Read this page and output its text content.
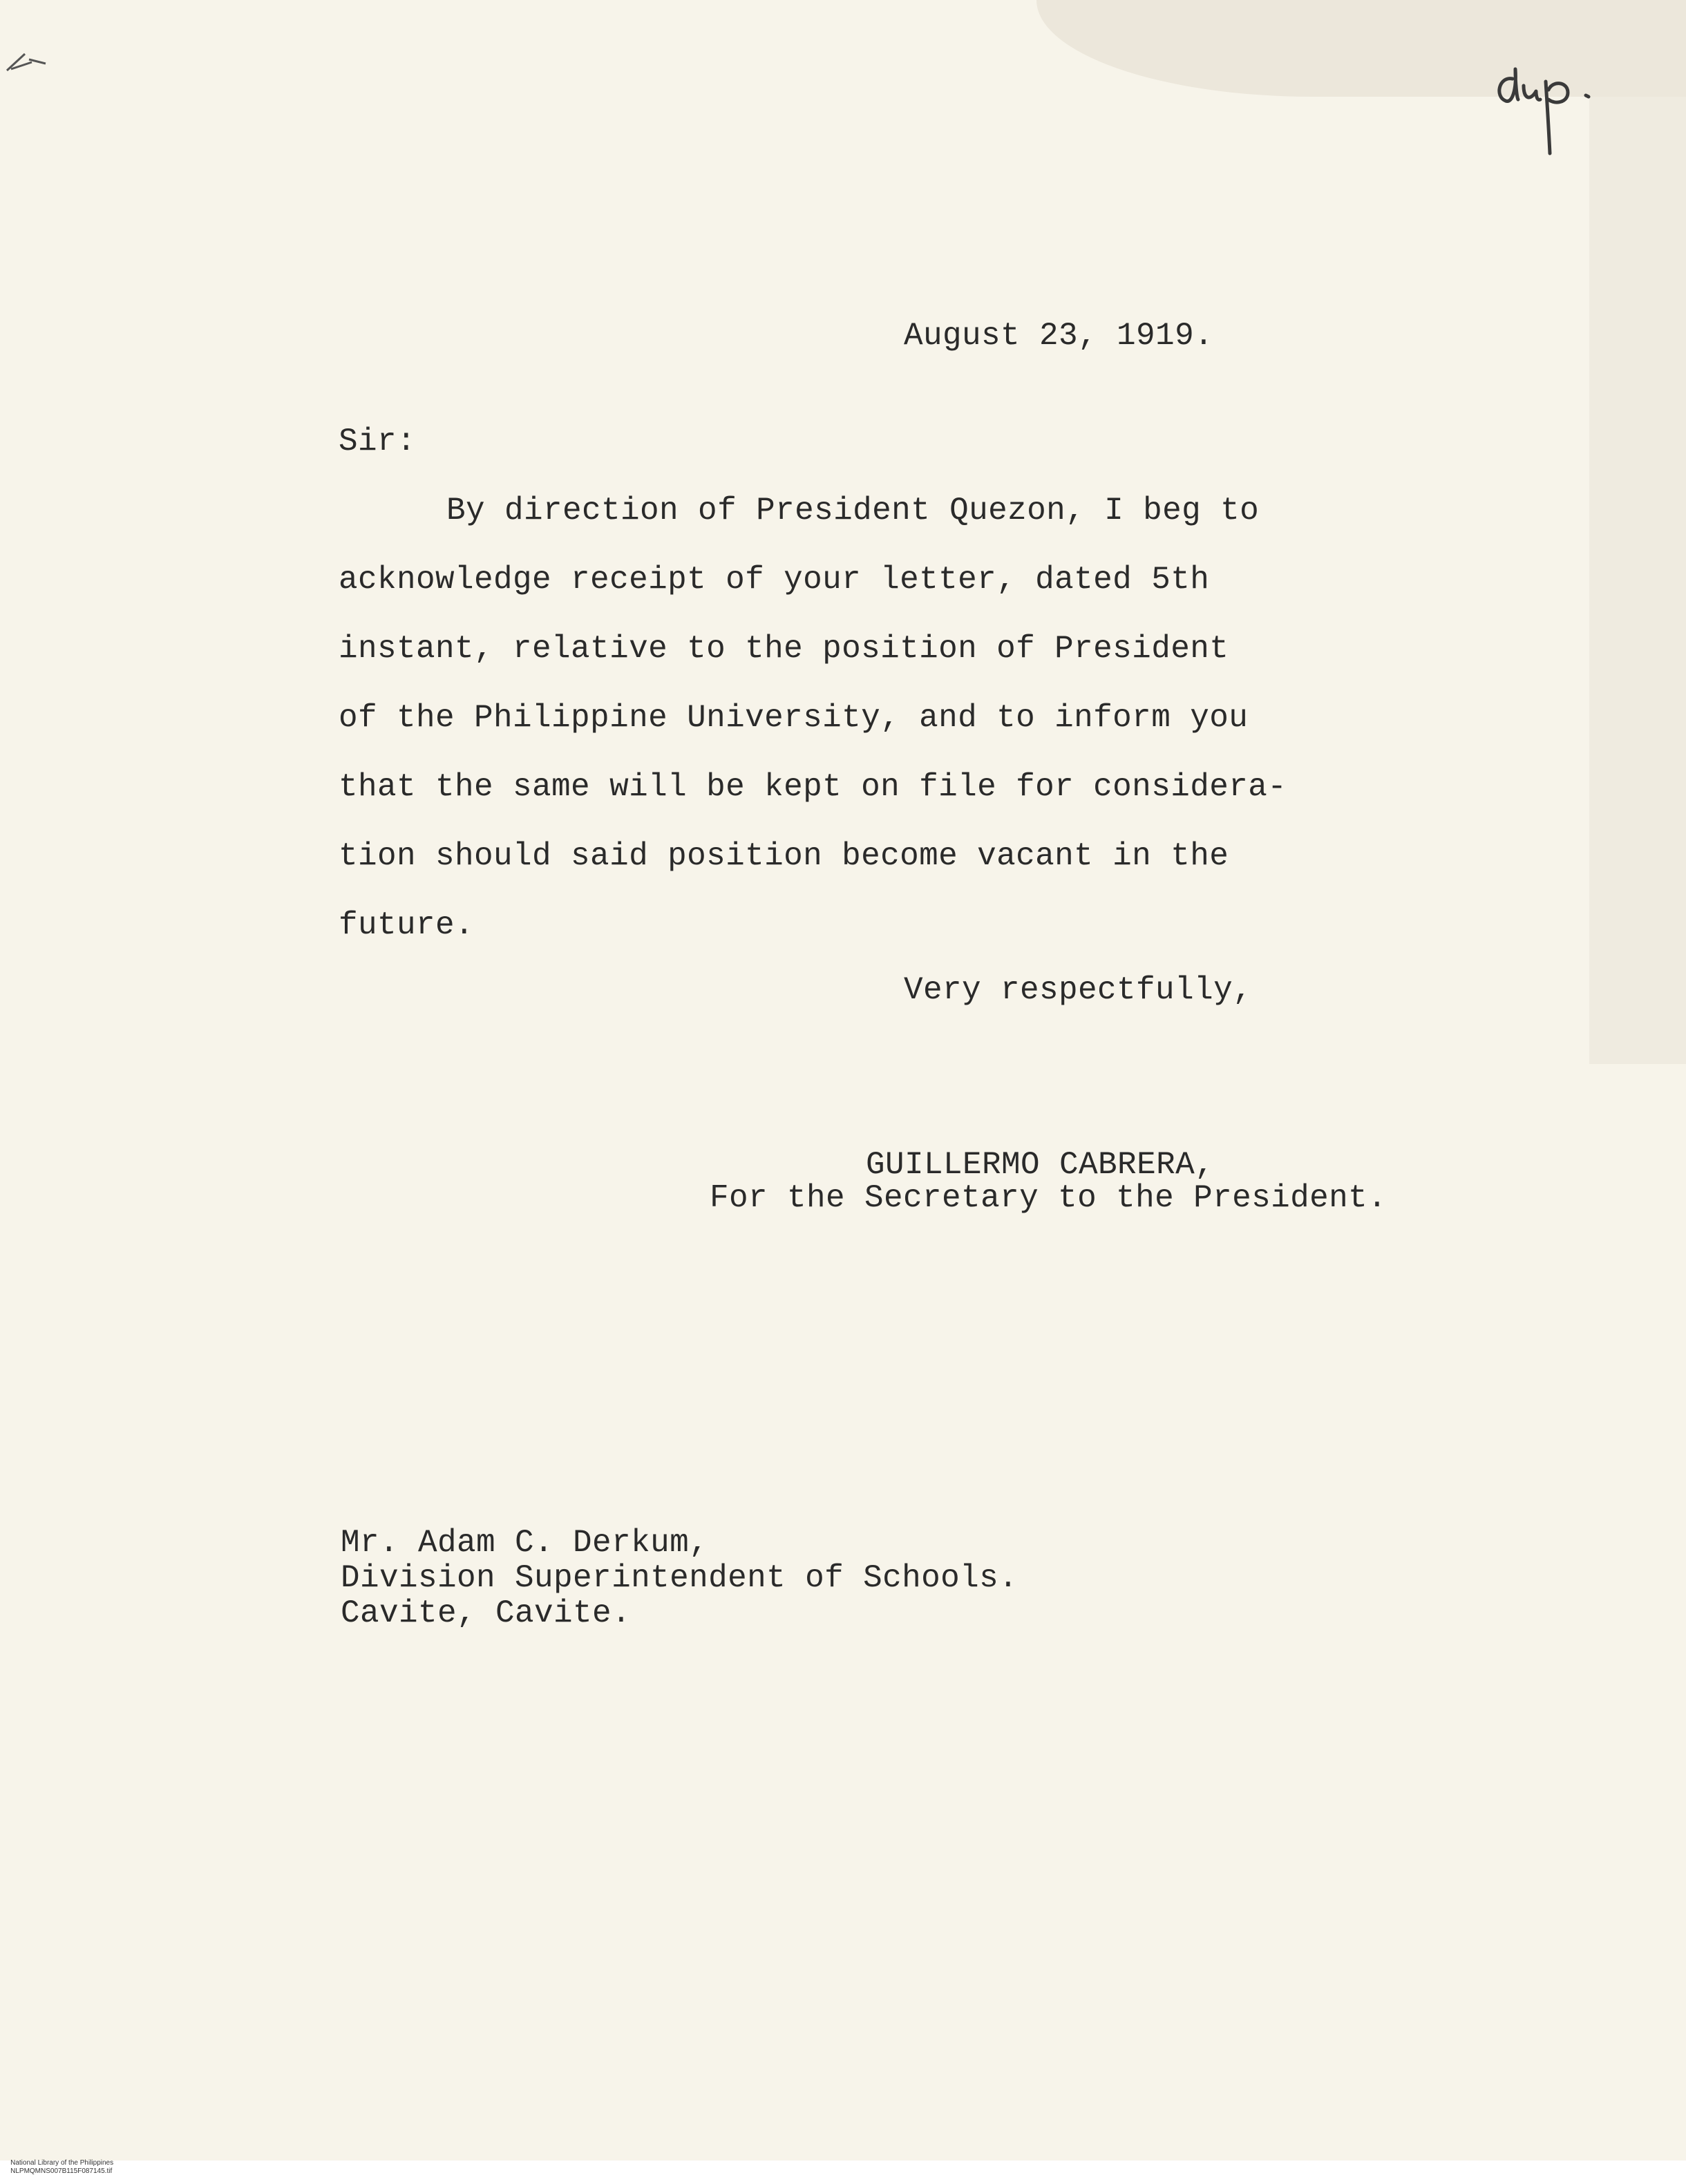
August 23, 1919.
Sir:
By direction of President Quezon, I beg to
acknowledge receipt of your letter, dated 5th
instant, relative to the position of President
of the Philippine University, and to inform you
that the same will be kept on file for considera-
tion should said position become vacant in the
future.
Very respectfully,
GUILLERMO CABRERA,
For the Secretary to the President.
Mr. Adam C. Derkum,
Division Superintendent of Schools.
Cavite, Cavite.

National Library of the Philippines
NLPMQMNS007B115F087145.tif
